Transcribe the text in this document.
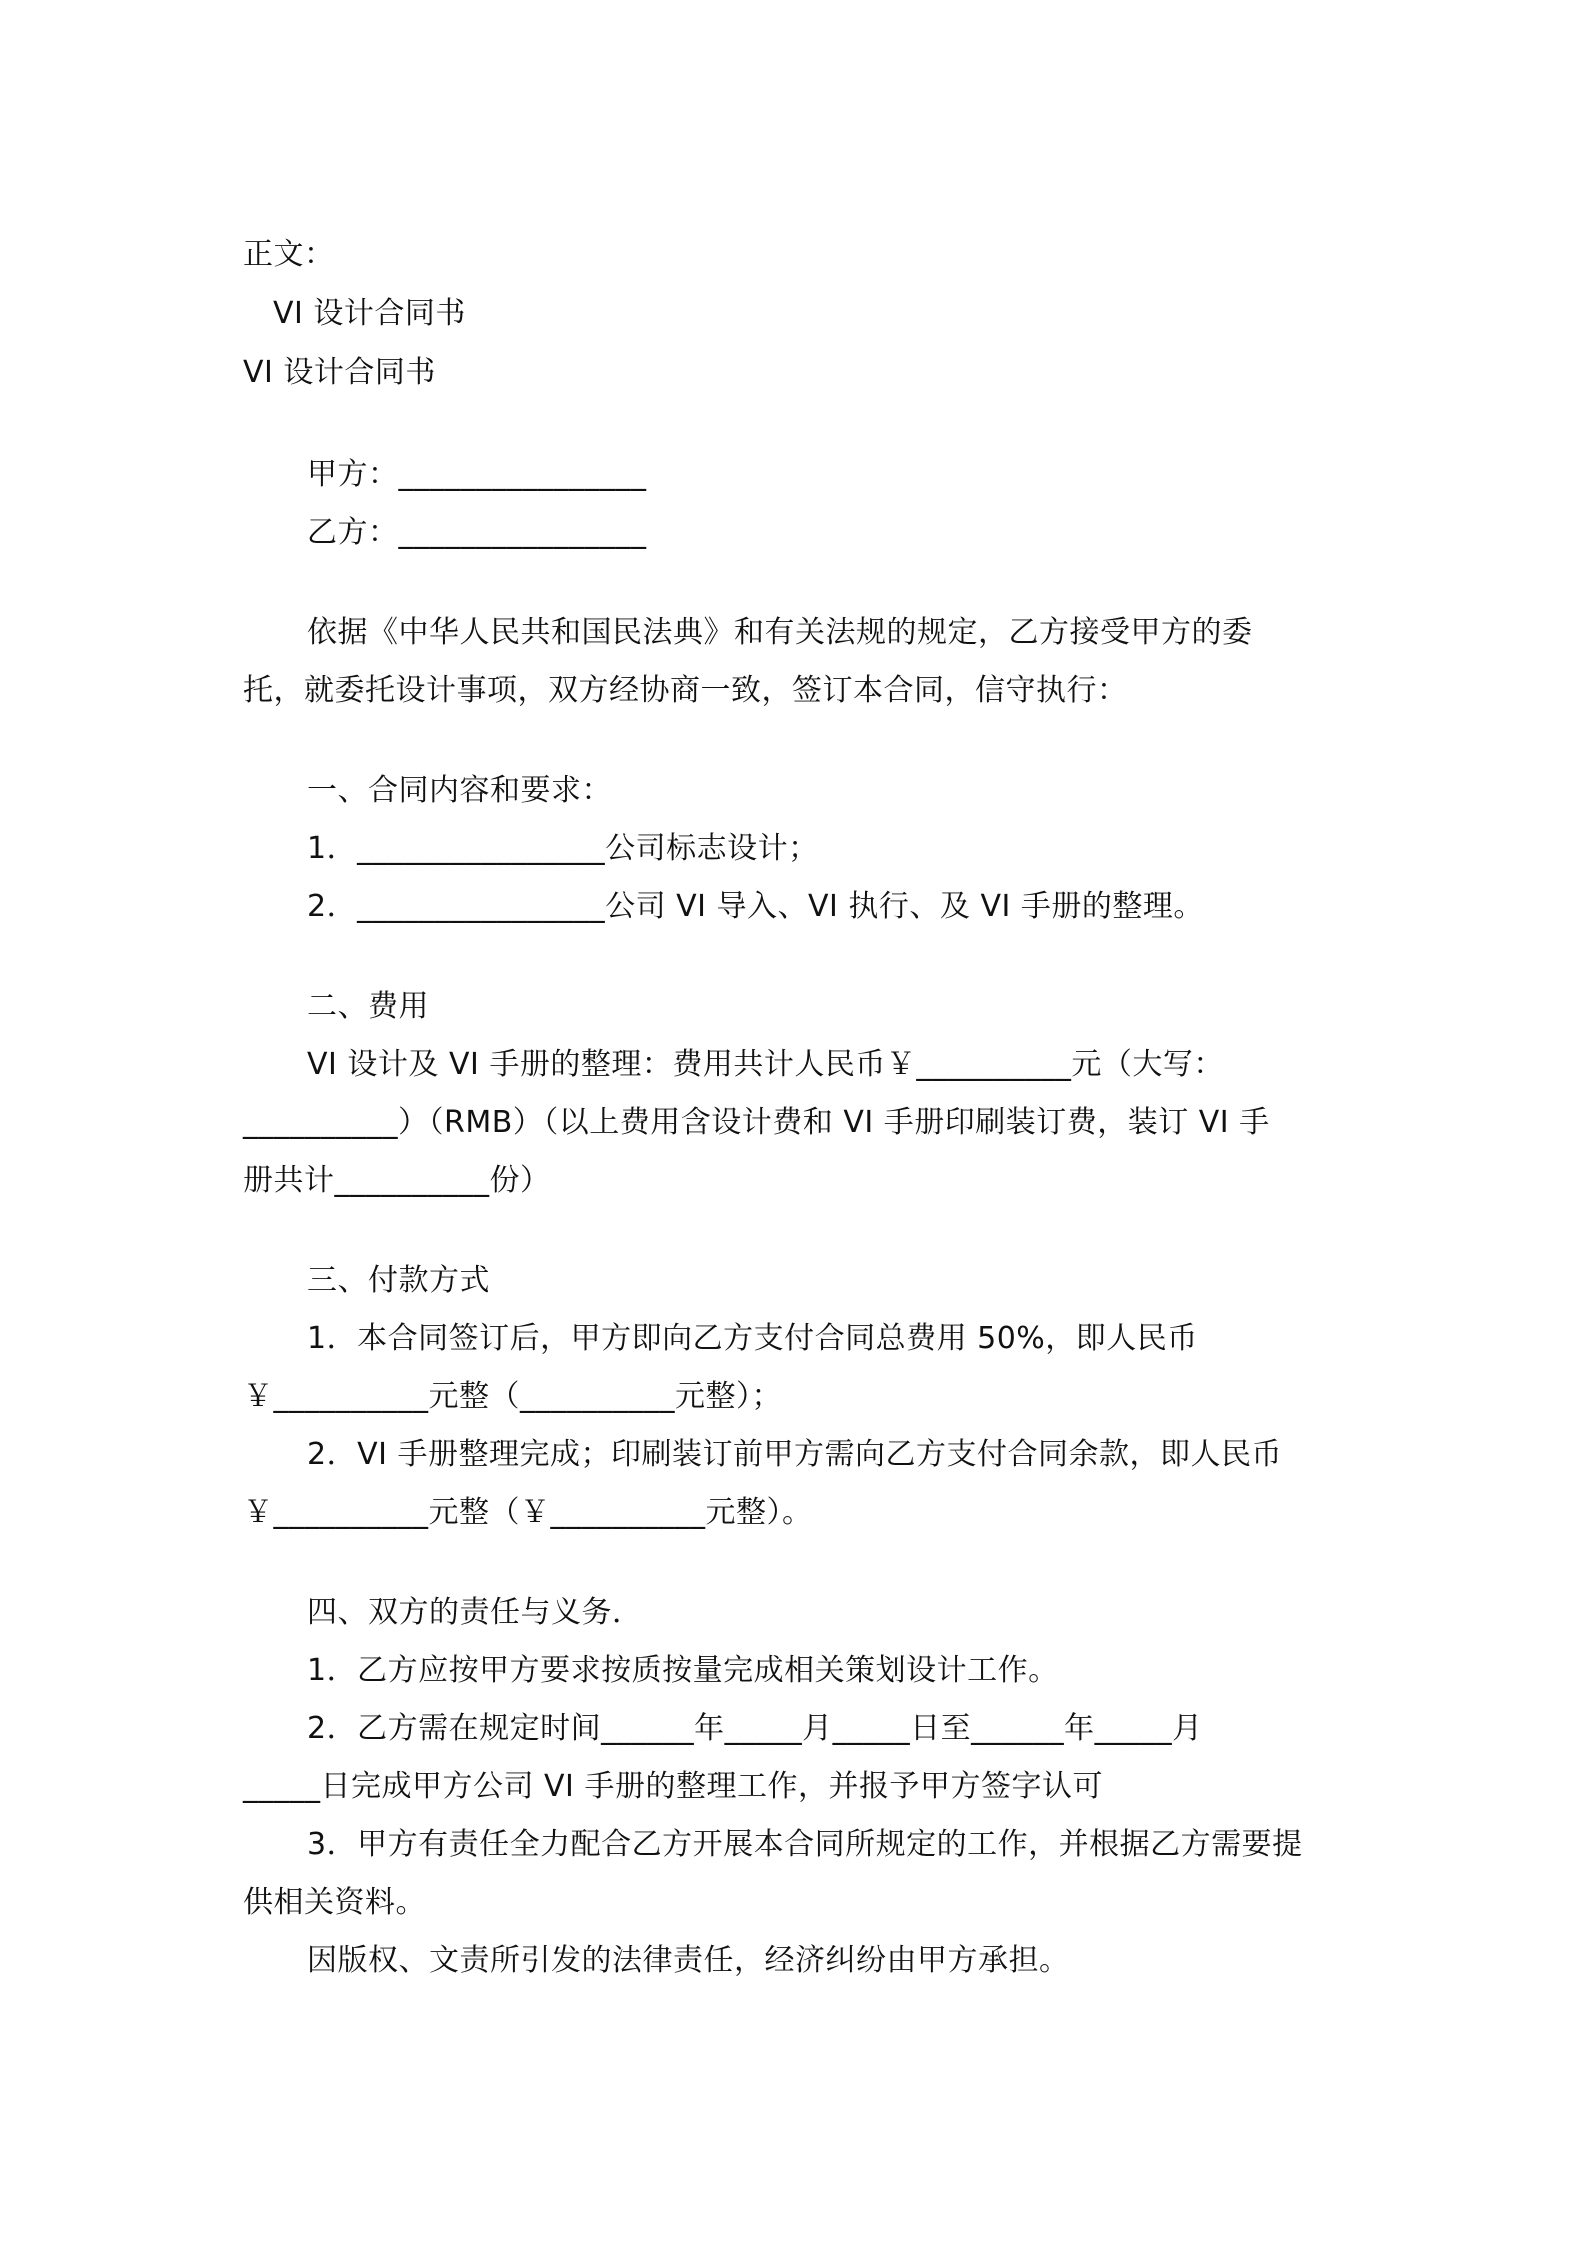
正文：
VI 设计合同书
VI 设计合同书
甲方：________________
乙方：________________
依据《中华人民共和国民法典》和有关法规的规定，乙方接受甲方的委
托，就委托设计事项，双方经协商一致，签订本合同，信守执行：
一、合同内容和要求：
1．________________公司标志设计；
2．________________公司 VI 导入、VI 执行、及 VI 手册的整理。
二、费用
VI 设计及 VI 手册的整理：费用共计人民币￥__________元（大写：
__________）（RMB）（以上费用含设计费和 VI 手册印刷装订费，装订 VI 手
册共计__________份）
三、付款方式
1．本合同签订后，甲方即向乙方支付合同总费用 50%，即人民币
￥__________元整（__________元整）；
2．VI 手册整理完成；印刷装订前甲方需向乙方支付合同余款，即人民币
￥__________元整（￥__________元整）。
四、双方的责任与义务．
1．乙方应按甲方要求按质按量完成相关策划设计工作。
2．乙方需在规定时间______年_____月_____日至______年_____月
_____日完成甲方公司 VI 手册的整理工作，并报予甲方签字认可
3．甲方有责任全力配合乙方开展本合同所规定的工作，并根据乙方需要提
供相关资料。
因版权、文责所引发的法律责任，经济纠纷由甲方承担。
